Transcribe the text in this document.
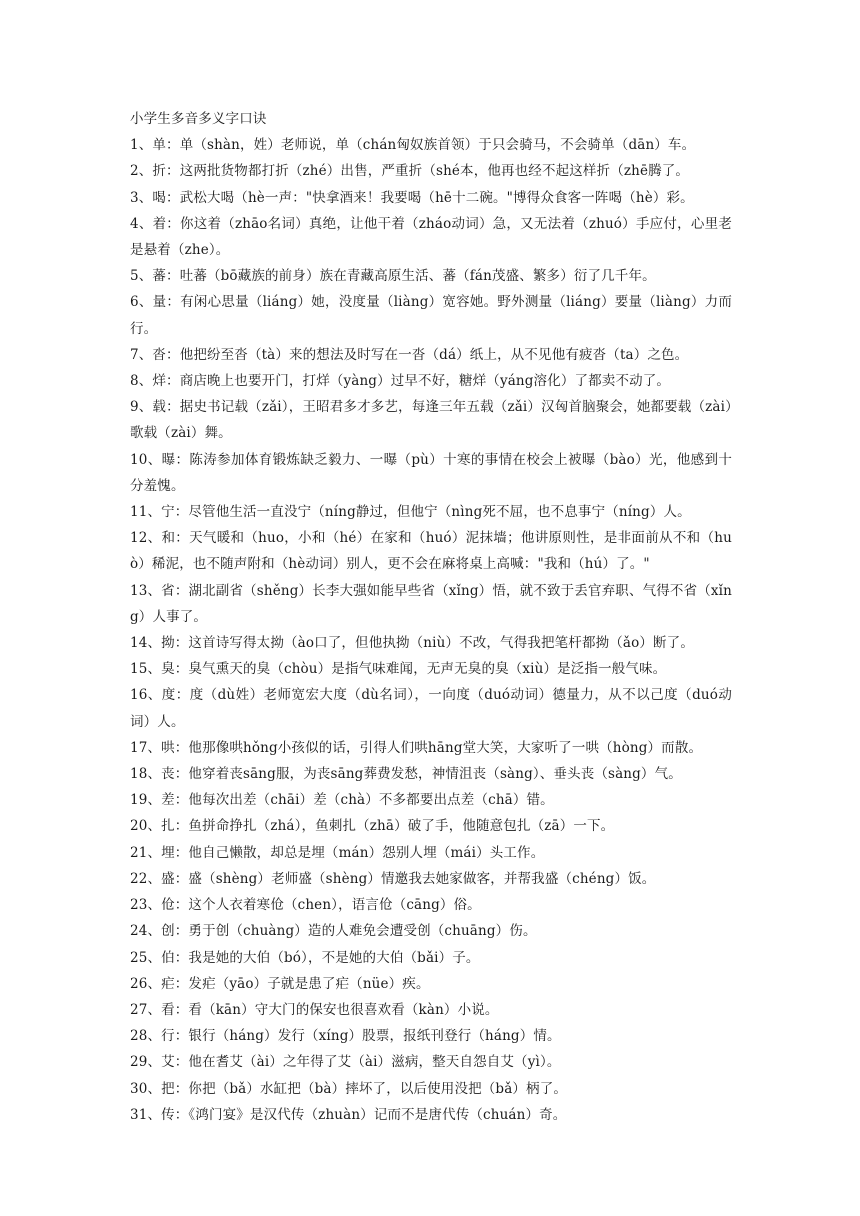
小学生多音多义字口诀

1、单：单（shàn，姓）老师说，单（chán匈奴族首领）于只会骑马，不会骑单（dān）车。

2、折：这两批货物都打折（zhé）出售，严重折（shé本，他再也经不起这样折（zhē腾了。

3、喝：武松大喝（hè一声："快拿酒来！我要喝（hē十二碗。"博得众食客一阵喝（hè）彩。

4、着：你这着（zhāo名词）真绝，让他干着（zháo动词）急，又无法着（zhuó）手应付，心里老是悬着（zhe）。

5、蕃：吐蕃（bō藏族的前身）族在青藏高原生活、蕃（fán茂盛、繁多）衍了几千年。

6、量：有闲心思量（liáng）她，没度量（liàng）宽容她。野外测量（liáng）要量（liàng）力而行。

7、沓：他把纷至沓（tà）来的想法及时写在一沓（dá）纸上，从不见他有疲沓（ta）之色。

8、烊：商店晚上也要开门，打烊（yàng）过早不好，糖烊（yáng溶化）了都卖不动了。

9、载：据史书记载（zǎi），王昭君多才多艺，每逢三年五载（zǎi）汉匈首脑聚会，她都要载（zài）歌载（zài）舞。

10、曝：陈涛参加体育锻炼缺乏毅力、一曝（pù）十寒的事情在校会上被曝（bào）光，他感到十分羞愧。

11、宁：尽管他生活一直没宁（níng静过，但他宁（nìng死不屈，也不息事宁（níng）人。

12、和：天气暖和（huo，小和（hé）在家和（huó）泥抹墙；他讲原则性，是非面前从不和（huò）稀泥，也不随声附和（hè动词）别人，更不会在麻将桌上高喊："我和（hú）了。"

13、省：湖北副省（shěng）长李大强如能早些省（xǐng）悟，就不致于丢官弃职、气得不省（xǐng）人事了。

14、拗：这首诗写得太拗（ào口了，但他执拗（niù）不改，气得我把笔杆都拗（ǎo）断了。

15、臭：臭气熏天的臭（chòu）是指气味难闻，无声无臭的臭（xiù）是泛指一般气味。

16、度：度（dù姓）老师宽宏大度（dù名词），一向度（duó动词）德量力，从不以己度（duó动词）人。

17、哄：他那像哄hǒng小孩似的话，引得人们哄hāng堂大笑，大家听了一哄（hòng）而散。

18、丧：他穿着丧sāng服，为丧sāng葬费发愁，神情沮丧（sàng）、垂头丧（sàng）气。

19、差：他每次出差（chāi）差（chà）不多都要出点差（chā）错。

20、扎：鱼拼命挣扎（zhá），鱼刺扎（zhā）破了手，他随意包扎（zā）一下。

21、埋：他自己懒散，却总是埋（mán）怨别人埋（mái）头工作。

22、盛：盛（shèng）老师盛（shèng）情邀我去她家做客，并帮我盛（chéng）饭。

23、伧：这个人衣着寒伧（chen），语言伧（cāng）俗。

24、创：勇于创（chuàng）造的人难免会遭受创（chuāng）伤。

25、伯：我是她的大伯（bó），不是她的大伯（bǎi）子。

26、疟：发疟（yāo）子就是患了疟（nüe）疾。

27、看：看（kān）守大门的保安也很喜欢看（kàn）小说。

28、行：银行（háng）发行（xíng）股票，报纸刊登行（háng）情。

29、艾：他在耆艾（ài）之年得了艾（ài）滋病，整天自怨自艾（yì）。

30、把：你把（bǎ）水缸把（bà）摔坏了，以后使用没把（bǎ）柄了。

31、传：《鸿门宴》是汉代传（zhuàn）记而不是唐代传（chuán）奇。
